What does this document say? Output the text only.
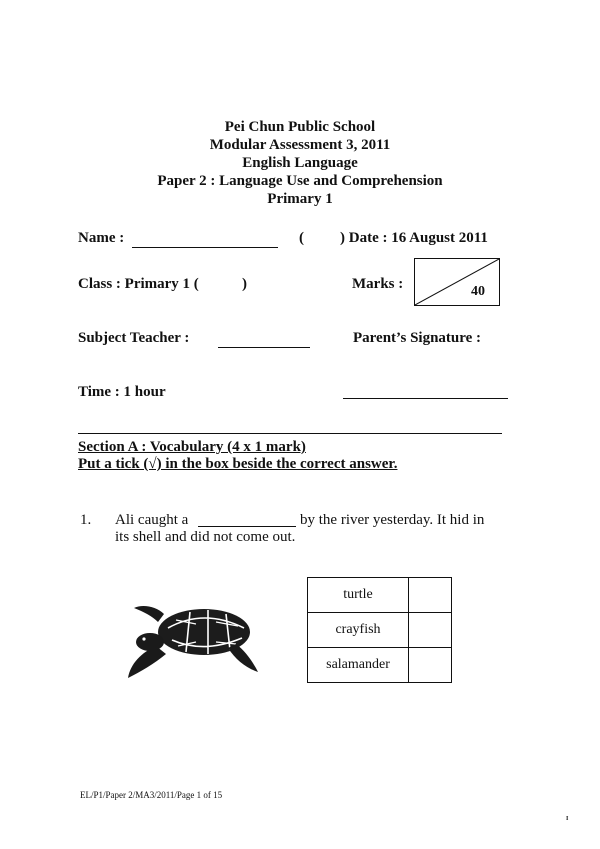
Pei Chun Public School
Modular Assessment 3, 2011
English Language
Paper 2 : Language Use and Comprehension
Primary 1
Name :	( ) Date : 16 August 2011
Class : Primary 1 (	)	Marks :	40
Subject Teacher :	Parent’s Signature :
Time : 1 hour
Section A : Vocabulary (4 x 1 mark)
Put a tick (√) in the box beside the correct answer.
1. Ali caught a	by the river yesterday. It hid in
its shell and did not come out.
turtle	
crayfish	
salamander	
EL/P1/Paper 2/MA3/2011/Page 1 of 15
I
